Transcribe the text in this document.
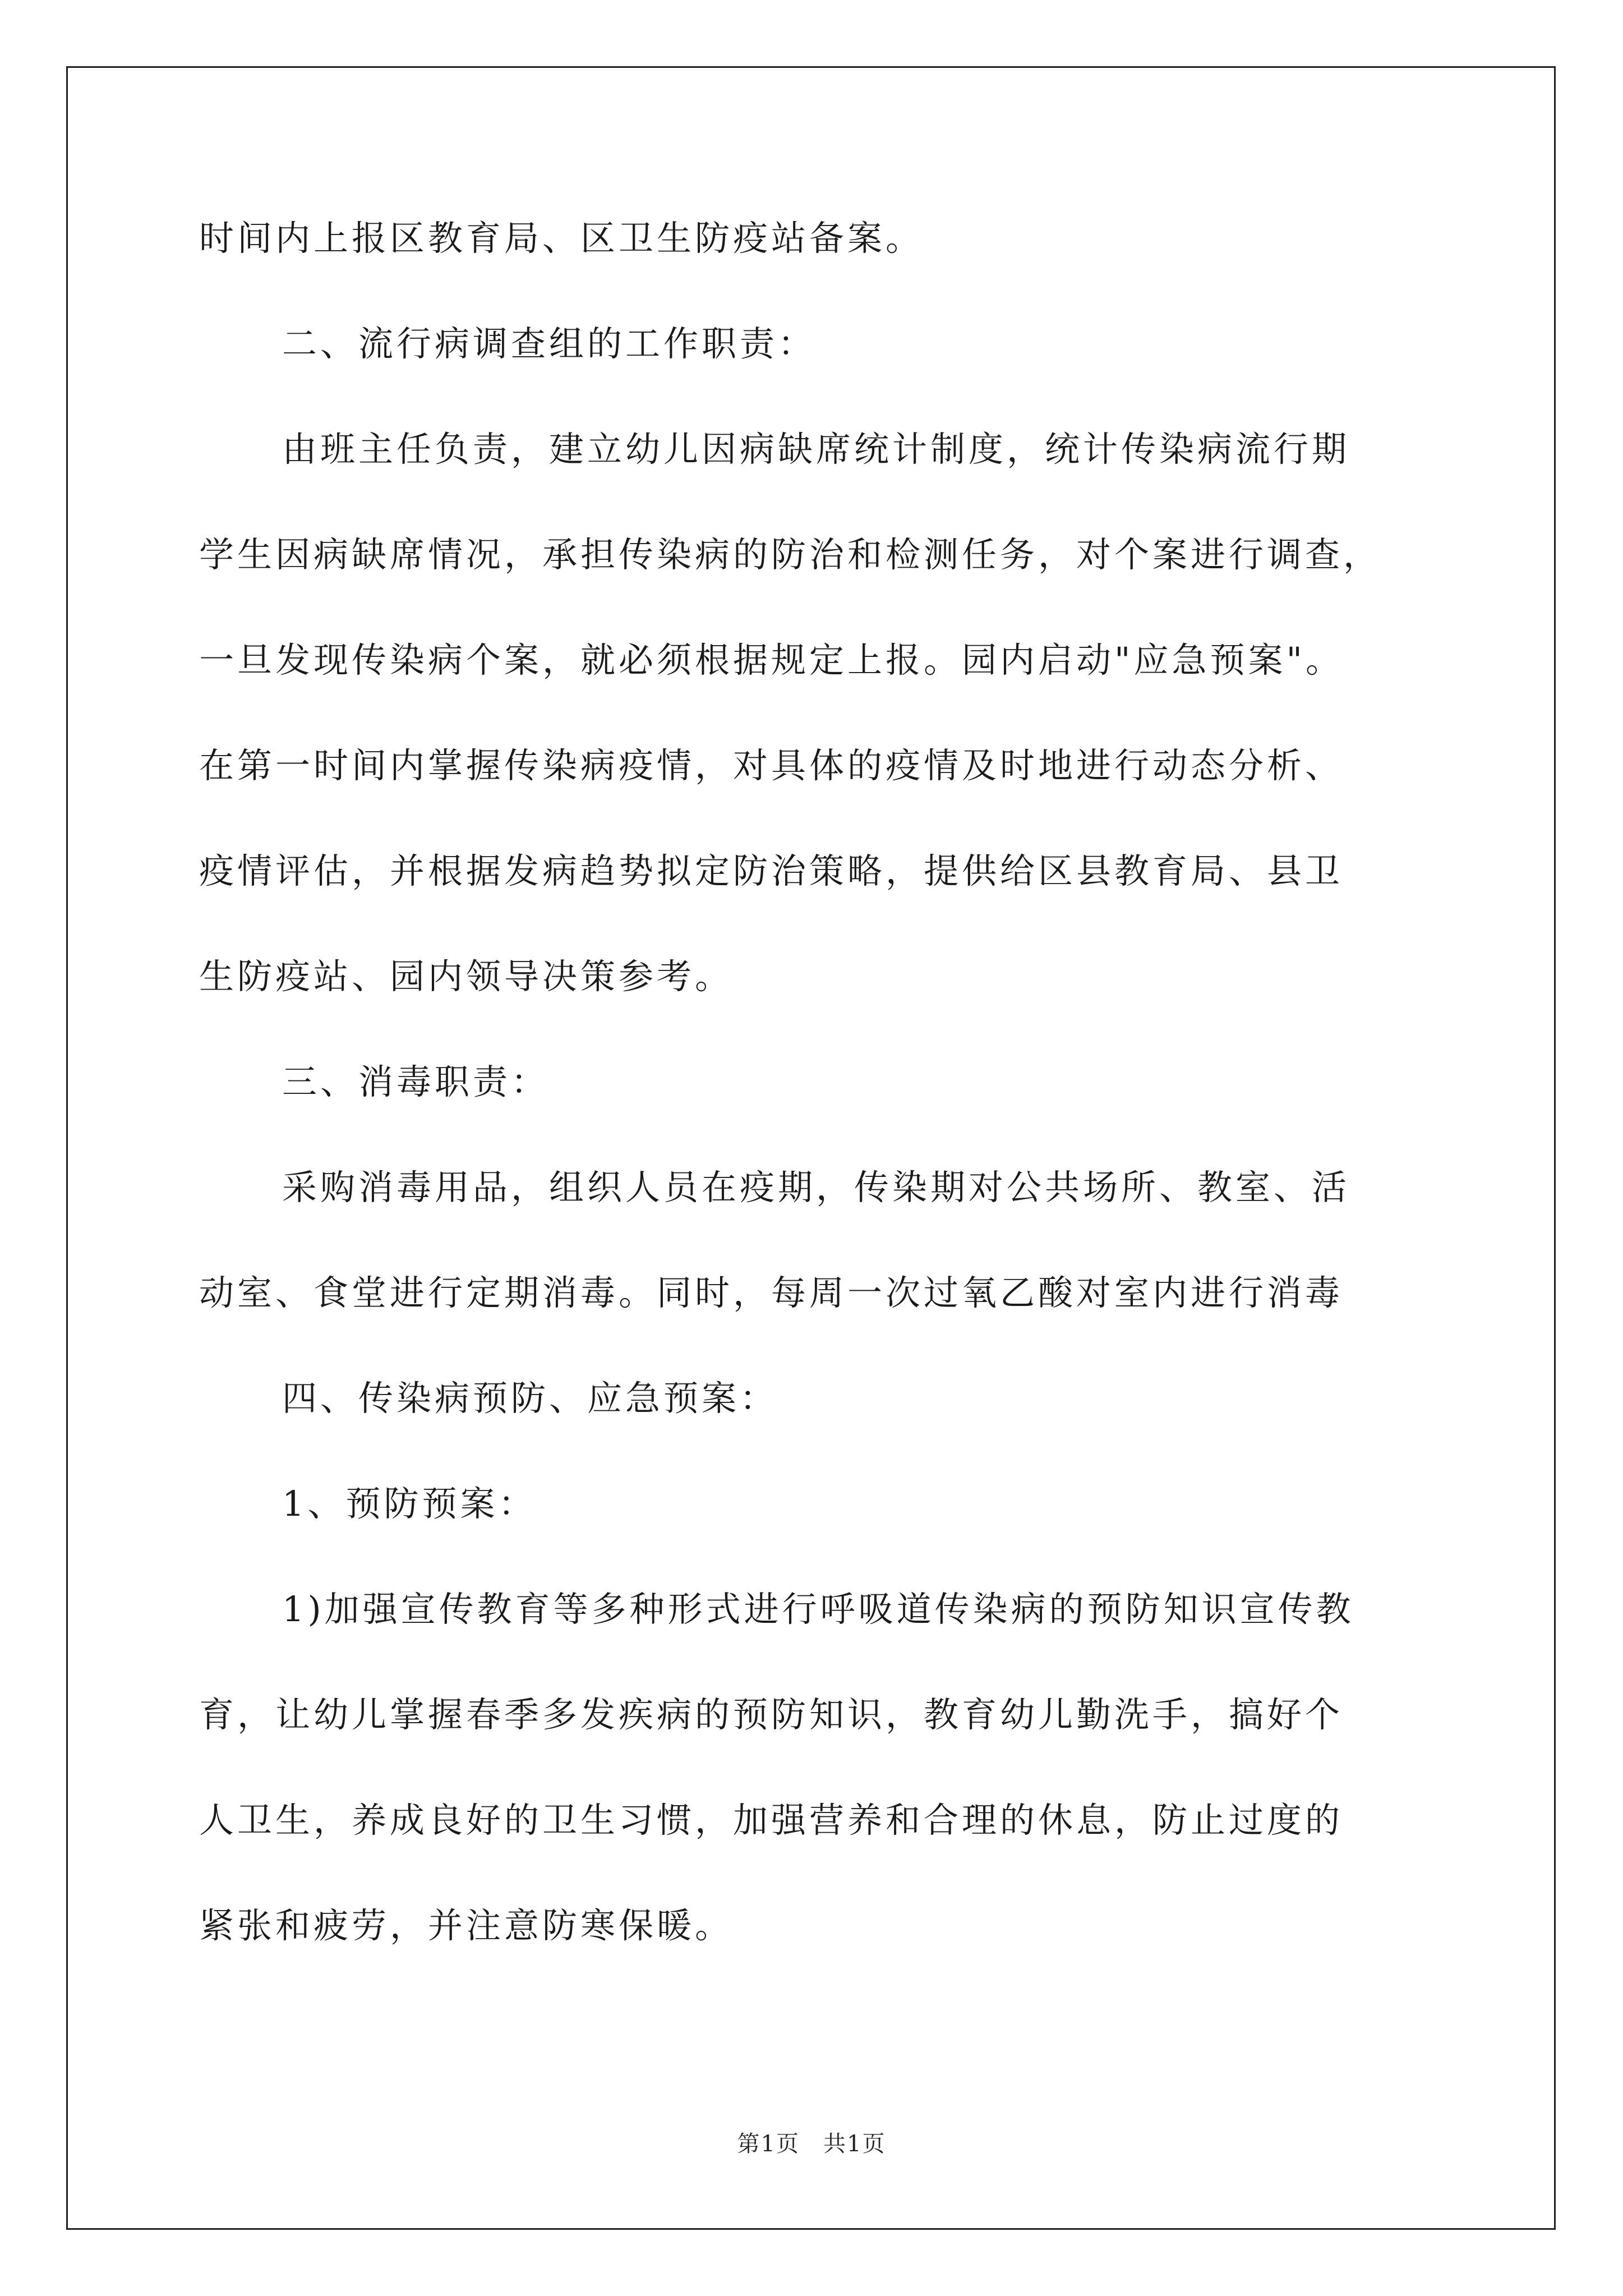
时间内上报区教育局、区卫生防疫站备案。
二、流行病调查组的工作职责：
由班主任负责，建立幼儿因病缺席统计制度，统计传染病流行期
学生因病缺席情况，承担传染病的防治和检测任务，对个案进行调查，
一旦发现传染病个案，就必须根据规定上报。园内启动"应急预案"。
在第一时间内掌握传染病疫情，对具体的疫情及时地进行动态分析、
疫情评估，并根据发病趋势拟定防治策略，提供给区县教育局、县卫
生防疫站、园内领导决策参考。
三、消毒职责：
采购消毒用品，组织人员在疫期，传染期对公共场所、教室、活
动室、食堂进行定期消毒。同时，每周一次过氧乙酸对室内进行消毒
四、传染病预防、应急预案：
1、预防预案：
1)加强宣传教育等多种形式进行呼吸道传染病的预防知识宣传教
育，让幼儿掌握春季多发疾病的预防知识，教育幼儿勤洗手，搞好个
人卫生，养成良好的卫生习惯，加强营养和合理的休息，防止过度的
紧张和疲劳，并注意防寒保暖。
第1页　共1页
